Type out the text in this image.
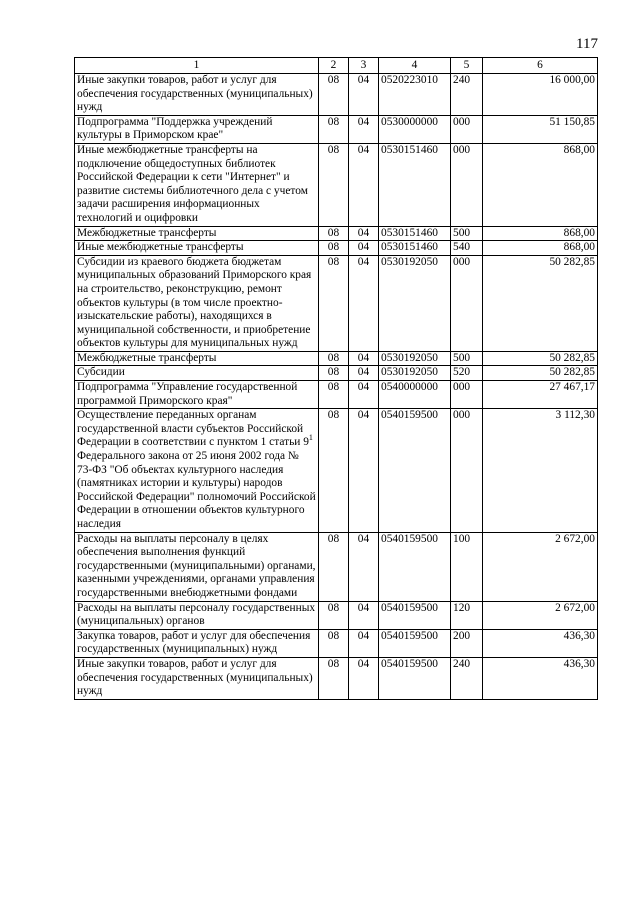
117
1	2	3	4	5	6
Иные закупки товаров, работ и услуг для обеспечения государственных (муниципальных) нужд	08	04	0520223010	240	16 000,00
Подпрограмма "Поддержка учреждений культуры в Приморском крае"	08	04	0530000000	000	51 150,85
Иные межбюджетные трансферты на подключение общедоступных библиотек Российской Федерации к сети "Интернет" и развитие системы библиотечного дела с учетом задачи расширения информационных технологий и оцифровки	08	04	0530151460	000	868,00
Межбюджетные трансферты	08	04	0530151460	500	868,00
Иные межбюджетные трансферты	08	04	0530151460	540	868,00
Субсидии из краевого бюджета бюджетам муниципальных образований Приморского края на строительство, реконструкцию, ремонт объектов культуры (в том числе проектно-изыскательские работы), находящихся в муниципальной собственности, и приобретение объектов культуры для муниципальных нужд	08	04	0530192050	000	50 282,85
Межбюджетные трансферты	08	04	0530192050	500	50 282,85
Субсидии	08	04	0530192050	520	50 282,85
Подпрограмма "Управление государственной программой Приморского края"	08	04	0540000000	000	27 467,17
Осуществление переданных органам государственной власти субъектов Российской Федерации в соответствии с пунктом 1 статьи $9^1$ Федерального закона от 25 июня 2002 года № 73-ФЗ "Об объектах культурного наследия (памятниках истории и культуры) народов Российской Федерации" полномочий Российской Федерации в отношении объектов культурного наследия	08	04	0540159500	000	3 112,30
Расходы на выплаты персоналу в целях обеспечения выполнения функций государственными (муниципальными) органами, казенными учреждениями, органами управления государственными внебюджетными фондами	08	04	0540159500	100	2 672,00
Расходы на выплаты персоналу государственных (муниципальных) органов	08	04	0540159500	120	2 672,00
Закупка товаров, работ и услуг для обеспечения государственных (муниципальных) нужд	08	04	0540159500	200	436,30
Иные закупки товаров, работ и услуг для обеспечения государственных (муниципальных) нужд	08	04	0540159500	240	436,30
